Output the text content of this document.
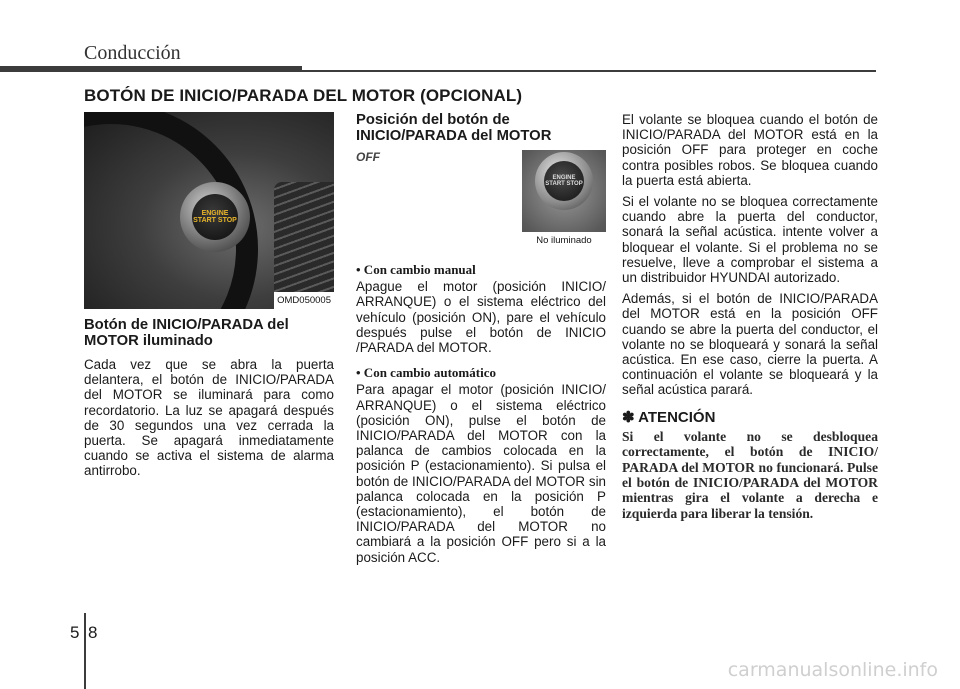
Conducción
BOTÓN DE INICIO/PARADA DEL MOTOR (OPCIONAL)
ENGINE START STOP
OMD050005
Botón de INICIO/PARADA del MOTOR iluminado

Cada vez que se abra la puerta delantera, el botón de INICIO/PARADA del MOTOR se iluminará para como recordatorio. La luz se apagará después de 30 segundos una vez cerrada la puerta. Se apagará inmediatamente cuando se activa el sistema de alarma antirrobo.

Posición del botón de INICIO/PARADA del MOTOR
OFF
ENGINE START STOP
No iluminado
• Con cambio manual

Apague el motor (posición INICIO/ ARRANQUE) o el sistema eléctrico del vehículo (posición ON), pare el vehículo después pulse el botón de INICIO /PARADA del MOTOR.

• Con cambio automático

Para apagar el motor (posición INICIO/ ARRANQUE) o el sistema eléctrico (posición ON), pulse el botón de INICIO/PARADA del MOTOR con la palanca de cambios colocada en la posición P (estacionamiento). Si pulsa el botón de INICIO/PARADA del MOTOR sin palanca colocada en la posición P (estacionamiento), el botón de INICIO/PARADA del MOTOR no cambiará a la posición OFF pero si a la posición ACC.

El volante se bloquea cuando el botón de INICIO/PARADA del MOTOR está en la posición OFF para proteger en coche contra posibles robos. Se bloquea cuando la puerta está abierta.

Si el volante no se bloquea correctamente cuando abre la puerta del conductor, sonará la señal acústica. intente volver a bloquear el volante. Si el problema no se resuelve, lleve a comprobar el sistema a un distribuidor HYUNDAI autorizado.

Además, si el botón de INICIO/PARADA del MOTOR está en la posición OFF cuando se abre la puerta del conductor, el volante no se bloqueará y sonará la señal acústica. En ese caso, cierre la puerta. A continuación el volante se bloqueará y la señal acústica parará.

✽ ATENCIÓN

Si el volante no se desbloquea correctamente, el botón de INICIO/ PARADA del MOTOR no funcionará. Pulse el botón de INICIO/PARADA del MOTOR mientras gira el volante a derecha e izquierda para liberar la tensión.

5 8
carmanualsonline.info
